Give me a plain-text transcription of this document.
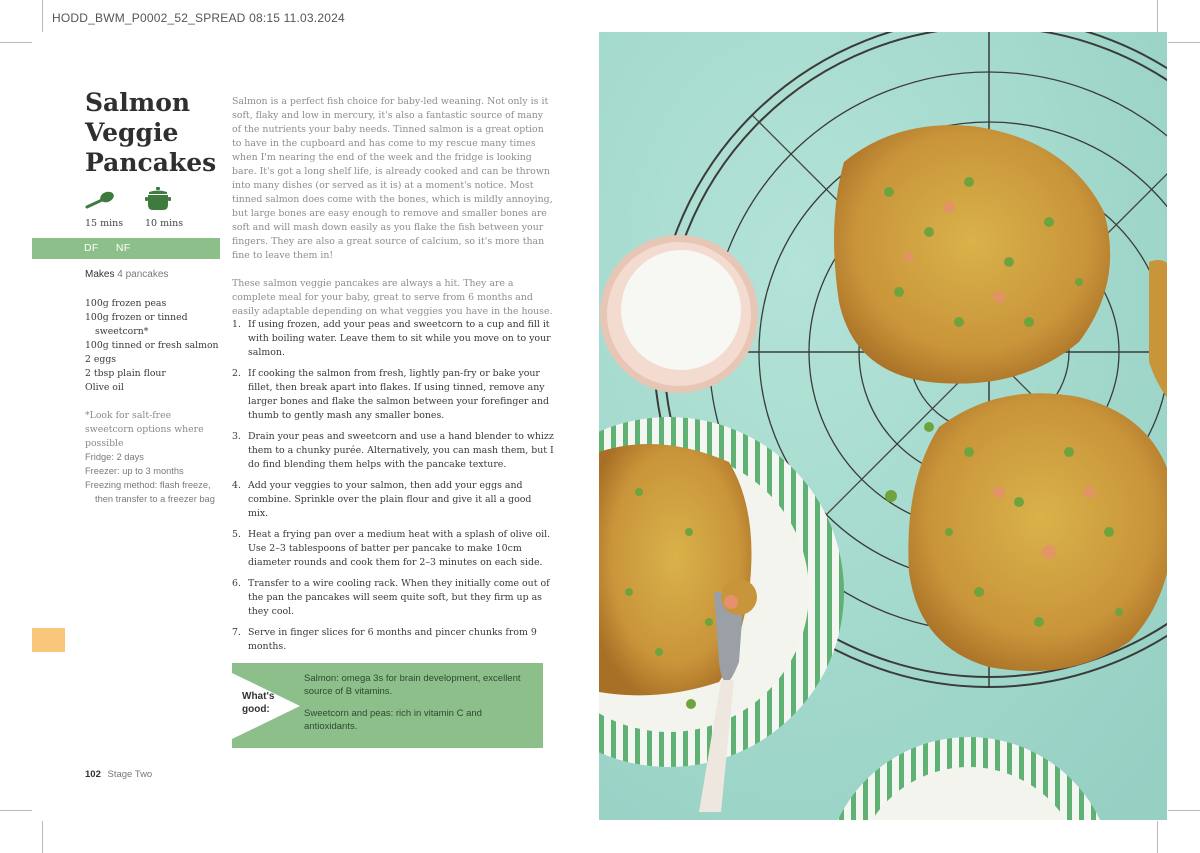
HODD_BWM_P0002_52_SPREAD 08:15 11.03.2024
Salmon
Veggie
Pancakes
15 mins 10 mins
DF NF
Makes 4 pancakes
100g frozen peas
100g frozen or tinned sweetcorn*
100g tinned or fresh salmon
2 eggs
2 tbsp plain flour
Olive oil

*Look for salt-free sweetcorn options where possible

Fridge: 2 days
Freezer: up to 3 months
Freezing method: flash freeze, then transfer to a freezer bag
102 Stage Two

Salmon is a perfect fish choice for baby-led weaning. Not only is it soft, flaky and low in mercury, it's also a fantastic source of many of the nutrients your baby needs. Tinned salmon is a great option to have in the cupboard and has come to my rescue many times when I'm nearing the end of the week and the fridge is looking bare. It's got a long shelf life, is already cooked and can be thrown into many dishes (or served as it is) at a moment's notice. Most tinned salmon does come with the bones, which is mildly annoying, but large bones are easy enough to remove and smaller bones are soft and will mash down easily as you flake the fish between your fingers. They are also a great source of calcium, so it's more than fine to leave them in!

These salmon veggie pancakes are always a hit. They are a complete meal for your baby, great to serve from 6 months and easily adaptable depending on what veggies you have in the house.

1. If using frozen, add your peas and sweetcorn to a cup and fill it with boiling water. Leave them to sit while you move on to your salmon.
2. If cooking the salmon from fresh, lightly pan-fry or bake your fillet, then break apart into flakes. If using tinned, remove any larger bones and flake the salmon between your forefinger and thumb to gently mash any smaller bones.
3. Drain your peas and sweetcorn and use a hand blender to whizz them to a chunky purée. Alternatively, you can mash them, but I do find blending them helps with the pancake texture.
4. Add your veggies to your salmon, then add your eggs and combine. Sprinkle over the plain flour and give it all a good mix.
5. Heat a frying pan over a medium heat with a splash of olive oil. Use 2–3 tablespoons of batter per pancake to make 10cm diameter rounds and cook them for 2–3 minutes on each side.
6. Transfer to a wire cooling rack. When they initially come out of the pan the pancakes will seem quite soft, but they firm up as they cool.
7. Serve in finger slices for 6 months and pincer chunks from 9 months.
What's
good:

Salmon: omega 3s for brain development, excellent source of B vitamins.

Sweetcorn and peas: rich in vitamin C and antioxidants.
